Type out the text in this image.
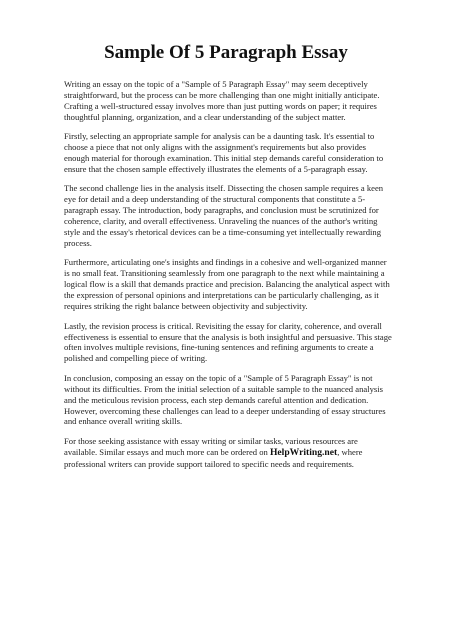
Sample Of 5 Paragraph Essay

Writing an essay on the topic of a "Sample of 5 Paragraph Essay" may seem deceptively straightforward, but the process can be more challenging than one might initially anticipate. Crafting a well-structured essay involves more than just putting words on paper; it requires thoughtful planning, organization, and a clear understanding of the subject matter.

Firstly, selecting an appropriate sample for analysis can be a daunting task. It's essential to choose a piece that not only aligns with the assignment's requirements but also provides enough material for thorough examination. This initial step demands careful consideration to ensure that the chosen sample effectively illustrates the elements of a 5-paragraph essay.

The second challenge lies in the analysis itself. Dissecting the chosen sample requires a keen eye for detail and a deep understanding of the structural components that constitute a 5-paragraph essay. The introduction, body paragraphs, and conclusion must be scrutinized for coherence, clarity, and overall effectiveness. Unraveling the nuances of the author's writing style and the essay's rhetorical devices can be a time-consuming yet intellectually rewarding process.

Furthermore, articulating one's insights and findings in a cohesive and well-organized manner is no small feat. Transitioning seamlessly from one paragraph to the next while maintaining a logical flow is a skill that demands practice and precision. Balancing the analytical aspect with the expression of personal opinions and interpretations can be particularly challenging, as it requires striking the right balance between objectivity and subjectivity.

Lastly, the revision process is critical. Revisiting the essay for clarity, coherence, and overall effectiveness is essential to ensure that the analysis is both insightful and persuasive. This stage often involves multiple revisions, fine-tuning sentences and refining arguments to create a polished and compelling piece of writing.

In conclusion, composing an essay on the topic of a "Sample of 5 Paragraph Essay" is not without its difficulties. From the initial selection of a suitable sample to the nuanced analysis and the meticulous revision process, each step demands careful attention and dedication. However, overcoming these challenges can lead to a deeper understanding of essay structures and enhance overall writing skills.

For those seeking assistance with essay writing or similar tasks, various resources are available. Similar essays and much more can be ordered on HelpWriting.net, where professional writers can provide support tailored to specific needs and requirements.
